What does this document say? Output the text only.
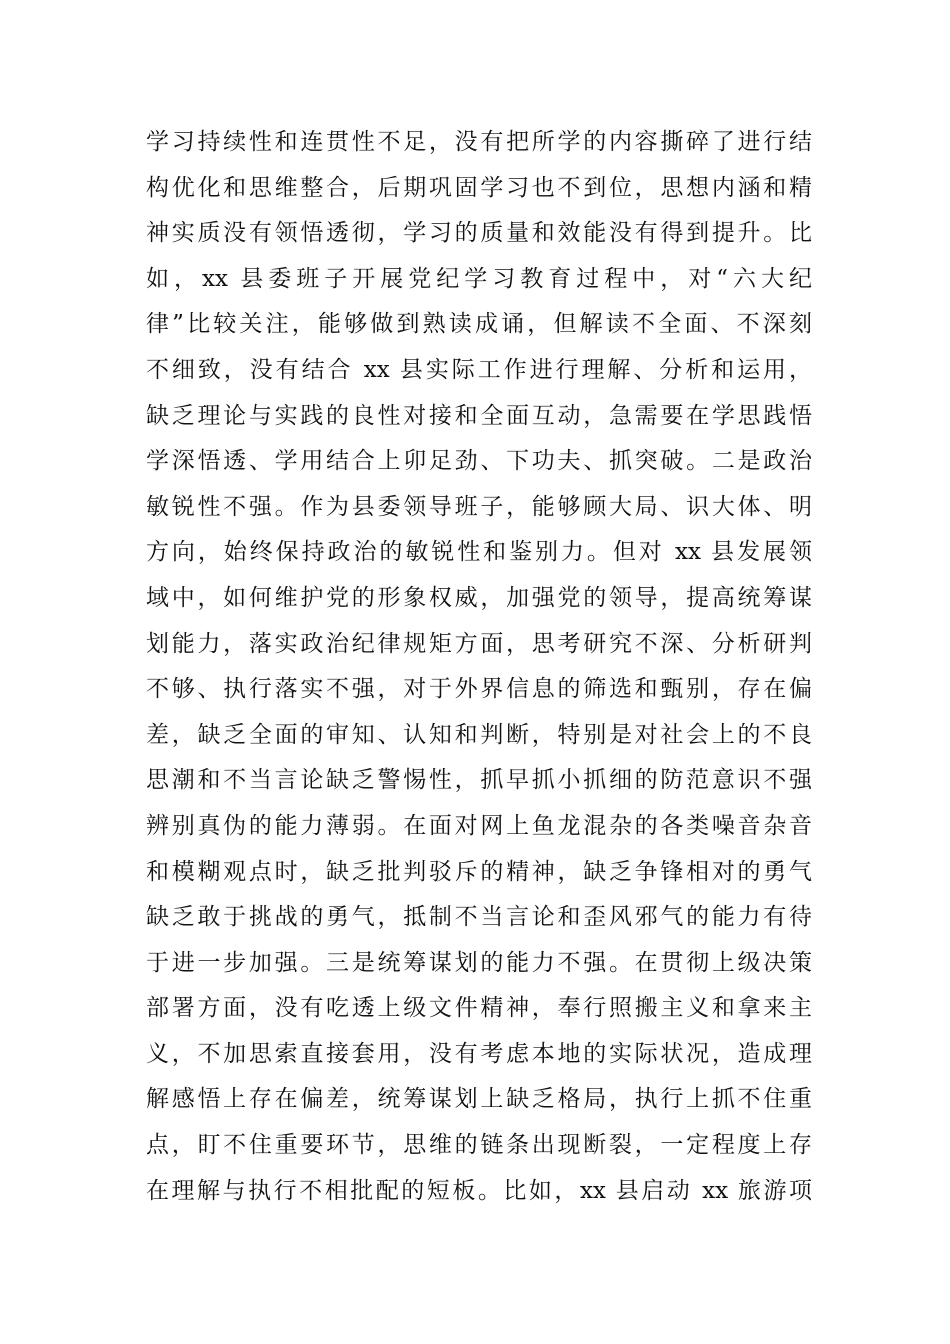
学习持续性和连贯性不足，没有把所学的内容撕碎了进行结
构优化和思维整合，后期巩固学习也不到位，思想内涵和精
神实质没有领悟透彻，学习的质量和效能没有得到提升。比
如，xx 县委班子开展党纪学习教育过程中，对“六大纪
律”比较关注，能够做到熟读成诵，但解读不全面、不深刻
不细致，没有结合 xx 县实际工作进行理解、分析和运用，
缺乏理论与实践的良性对接和全面互动，急需要在学思践悟
学深悟透、学用结合上卯足劲、下功夫、抓突破。二是政治
敏锐性不强。作为县委领导班子，能够顾大局、识大体、明
方向，始终保持政治的敏锐性和鉴别力。但对 xx 县发展领
域中，如何维护党的形象权威，加强党的领导，提高统筹谋
划能力，落实政治纪律规矩方面，思考研究不深、分析研判
不够、执行落实不强，对于外界信息的筛选和甄别，存在偏
差，缺乏全面的审知、认知和判断，特别是对社会上的不良
思潮和不当言论缺乏警惕性，抓早抓小抓细的防范意识不强
辨别真伪的能力薄弱。在面对网上鱼龙混杂的各类噪音杂音
和模糊观点时，缺乏批判驳斥的精神，缺乏争锋相对的勇气
缺乏敢于挑战的勇气，抵制不当言论和歪风邪气的能力有待
于进一步加强。三是统筹谋划的能力不强。在贯彻上级决策
部署方面，没有吃透上级文件精神，奉行照搬主义和拿来主
义，不加思索直接套用，没有考虑本地的实际状况，造成理
解感悟上存在偏差，统筹谋划上缺乏格局，执行上抓不住重
点，盯不住重要环节，思维的链条出现断裂，一定程度上存
在理解与执行不相批配的短板。比如，xx 县启动 xx 旅游项
